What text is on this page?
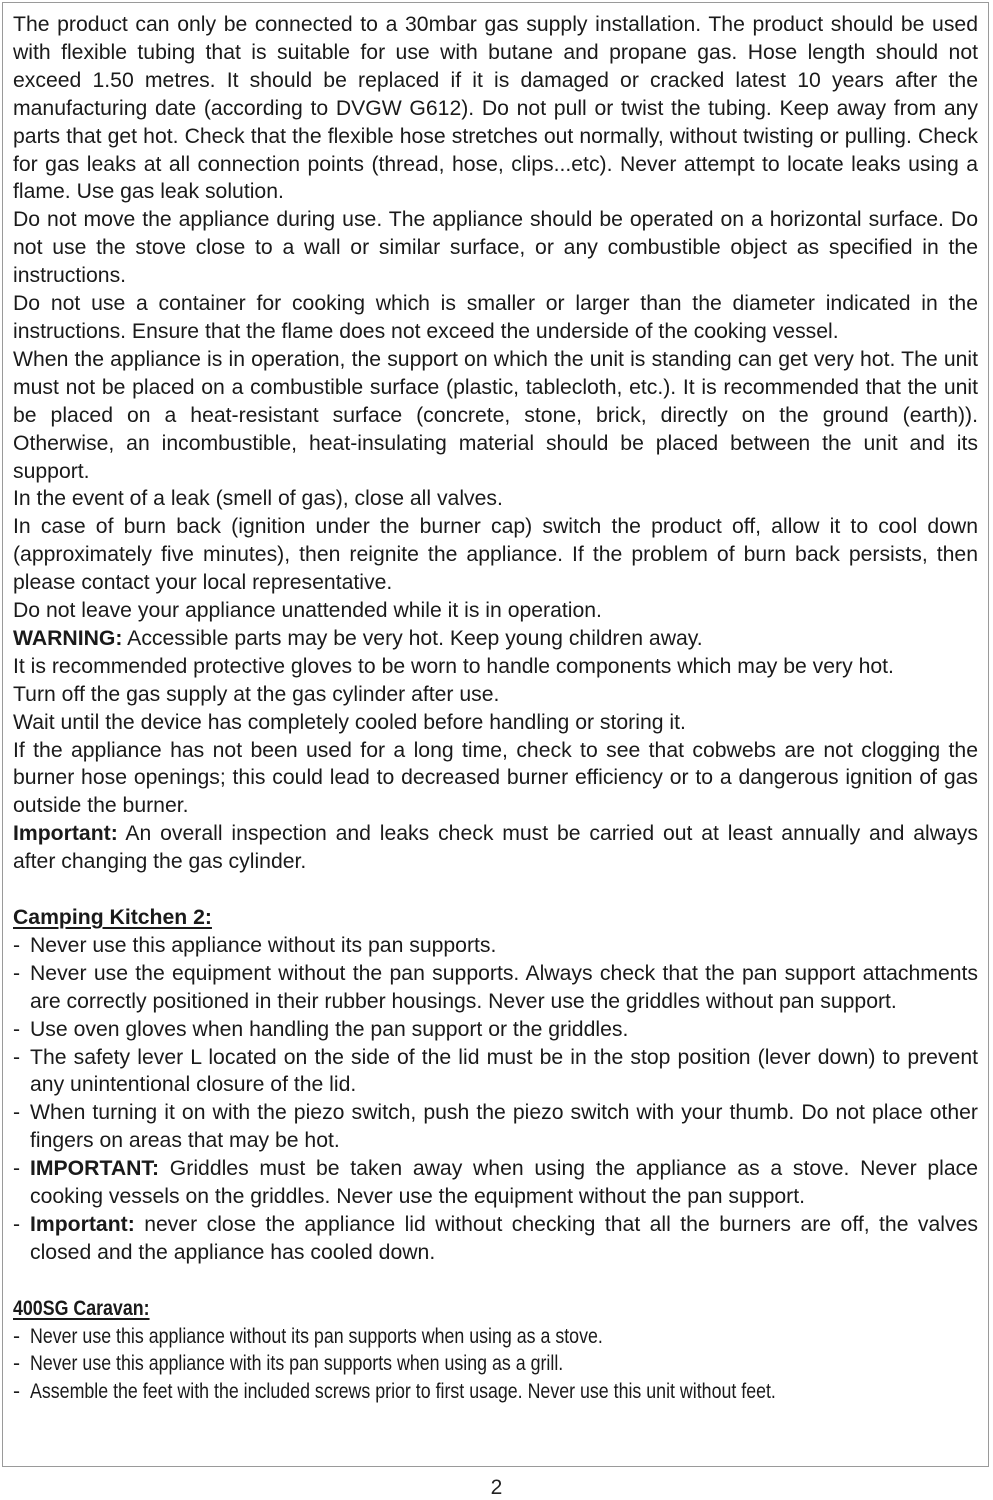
The product can only be connected to a 30mbar gas supply installation. The product should be used with flexible tubing that is suitable for use with butane and propane gas. Hose length should not exceed 1.50 metres. It should be replaced if it is damaged or cracked latest 10 years after the manufacturing date (according to DVGW G612). Do not pull or twist the tubing. Keep away from any parts that get hot. Check that the flexible hose stretches out normally, without twisting or pulling. Check for gas leaks at all connection points (thread, hose, clips...etc). Never attempt to locate leaks using a flame. Use gas leak solution.

Do not move the appliance during use. The appliance should be operated on a horizontal surface. Do not use the stove close to a wall or similar surface, or any combustible object as specified in the instructions.

Do not use a container for cooking which is smaller or larger than the diameter indicated in the instructions. Ensure that the flame does not exceed the underside of the cooking vessel.

When the appliance is in operation, the support on which the unit is standing can get very hot. The unit must not be placed on a combustible surface (plastic, tablecloth, etc.). It is recommended that the unit be placed on a heat-resistant surface (concrete, stone, brick, directly on the ground (earth)). Otherwise, an incombustible, heat-insulating material should be placed between the unit and its support.

In the event of a leak (smell of gas), close all valves.

In case of burn back (ignition under the burner cap) switch the product off, allow it to cool down (approximately five minutes), then reignite the appliance. If the problem of burn back persists, then please contact your local representative.

Do not leave your appliance unattended while it is in operation.

WARNING: Accessible parts may be very hot. Keep young children away.

It is recommended protective gloves to be worn to handle components which may be very hot.

Turn off the gas supply at the gas cylinder after use.

Wait until the device has completely cooled before handling or storing it.

If the appliance has not been used for a long time, check to see that cobwebs are not clogging the burner hose openings; this could lead to decreased burner efficiency or to a dangerous ignition of gas outside the burner.

Important: An overall inspection and leaks check must be carried out at least annually and always after changing the gas cylinder.

Camping Kitchen 2:

- Never use this appliance without its pan supports.
- Never use the equipment without the pan supports. Always check that the pan support attachments are correctly positioned in their rubber housings. Never use the griddles without pan support.
- Use oven gloves when handling the pan support or the griddles.
- The safety lever L located on the side of the lid must be in the stop position (lever down) to prevent any unintentional closure of the lid.
- When turning it on with the piezo switch, push the piezo switch with your thumb. Do not place other fingers on areas that may be hot.
- IMPORTANT: Griddles must be taken away when using the appliance as a stove. Never place cooking vessels on the griddles. Never use the equipment without the pan support.
- Important: never close the appliance lid without checking that all the burners are off, the valves closed and the appliance has cooled down.

400SG Caravan:

- Never use this appliance without its pan supports when using as a stove.
- Never use this appliance with its pan supports when using as a grill.
- Assemble the feet with the included screws prior to first usage. Never use this unit without feet.
2
